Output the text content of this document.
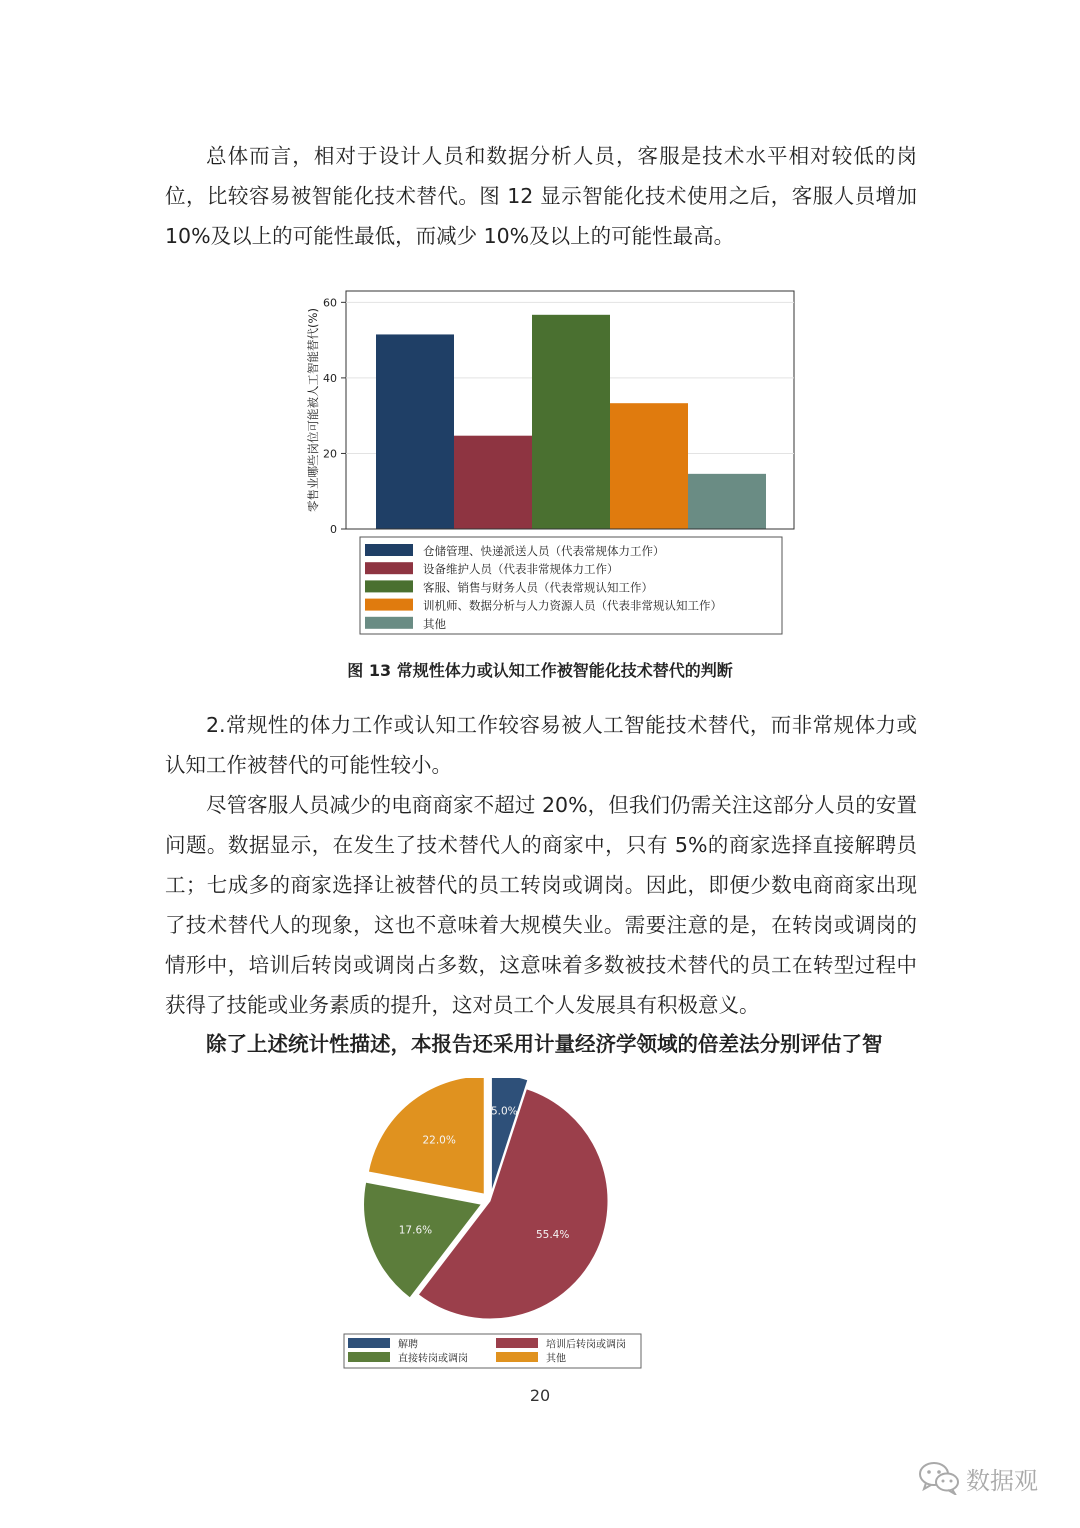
总体而言，相对于设计人员和数据分析人员，客服是技术水平相对较低的岗位，比较容易被智能化技术替代。图 12 显示智能化技术使用之后，客服人员增加 10%及以上的可能性最低，而减少 10%及以上的可能性最高。

0
20
40
60
零售业哪些岗位可能被人工智能替代(%)
仓储管理、快递派送人员（代表常规体力工作）
设备维护人员（代表非常规体力工作）
客服、销售与财务人员（代表常规认知工作）
训机师、数据分析与人力资源人员（代表非常规认知工作）
其他
图 13 常规性体力或认知工作被智能化技术替代的判断

2.常规性的体力工作或认知工作较容易被人工智能技术替代，而非常规体力或认知工作被替代的可能性较小。

尽管客服人员减少的电商商家不超过 20%，但我们仍需关注这部分人员的安置问题。数据显示，在发生了技术替代人的商家中，只有 5%的商家选择直接解聘员工；七成多的商家选择让被替代的员工转岗或调岗。因此，即便少数电商商家出现了技术替代人的现象，这也不意味着大规模失业。需要注意的是，在转岗或调岗的情形中，培训后转岗或调岗占多数，这意味着多数被技术替代的员工在转型过程中获得了技能或业务素质的提升，这对员工个人发展具有积极意义。

除了上述统计性描述，本报告还采用计量经济学领域的倍差法分别评估了智

5.0%
55.4%
17.6%
22.0%
解聘	培训后转岗或调岗
直接转岗或调岗	其他
20
数据观
